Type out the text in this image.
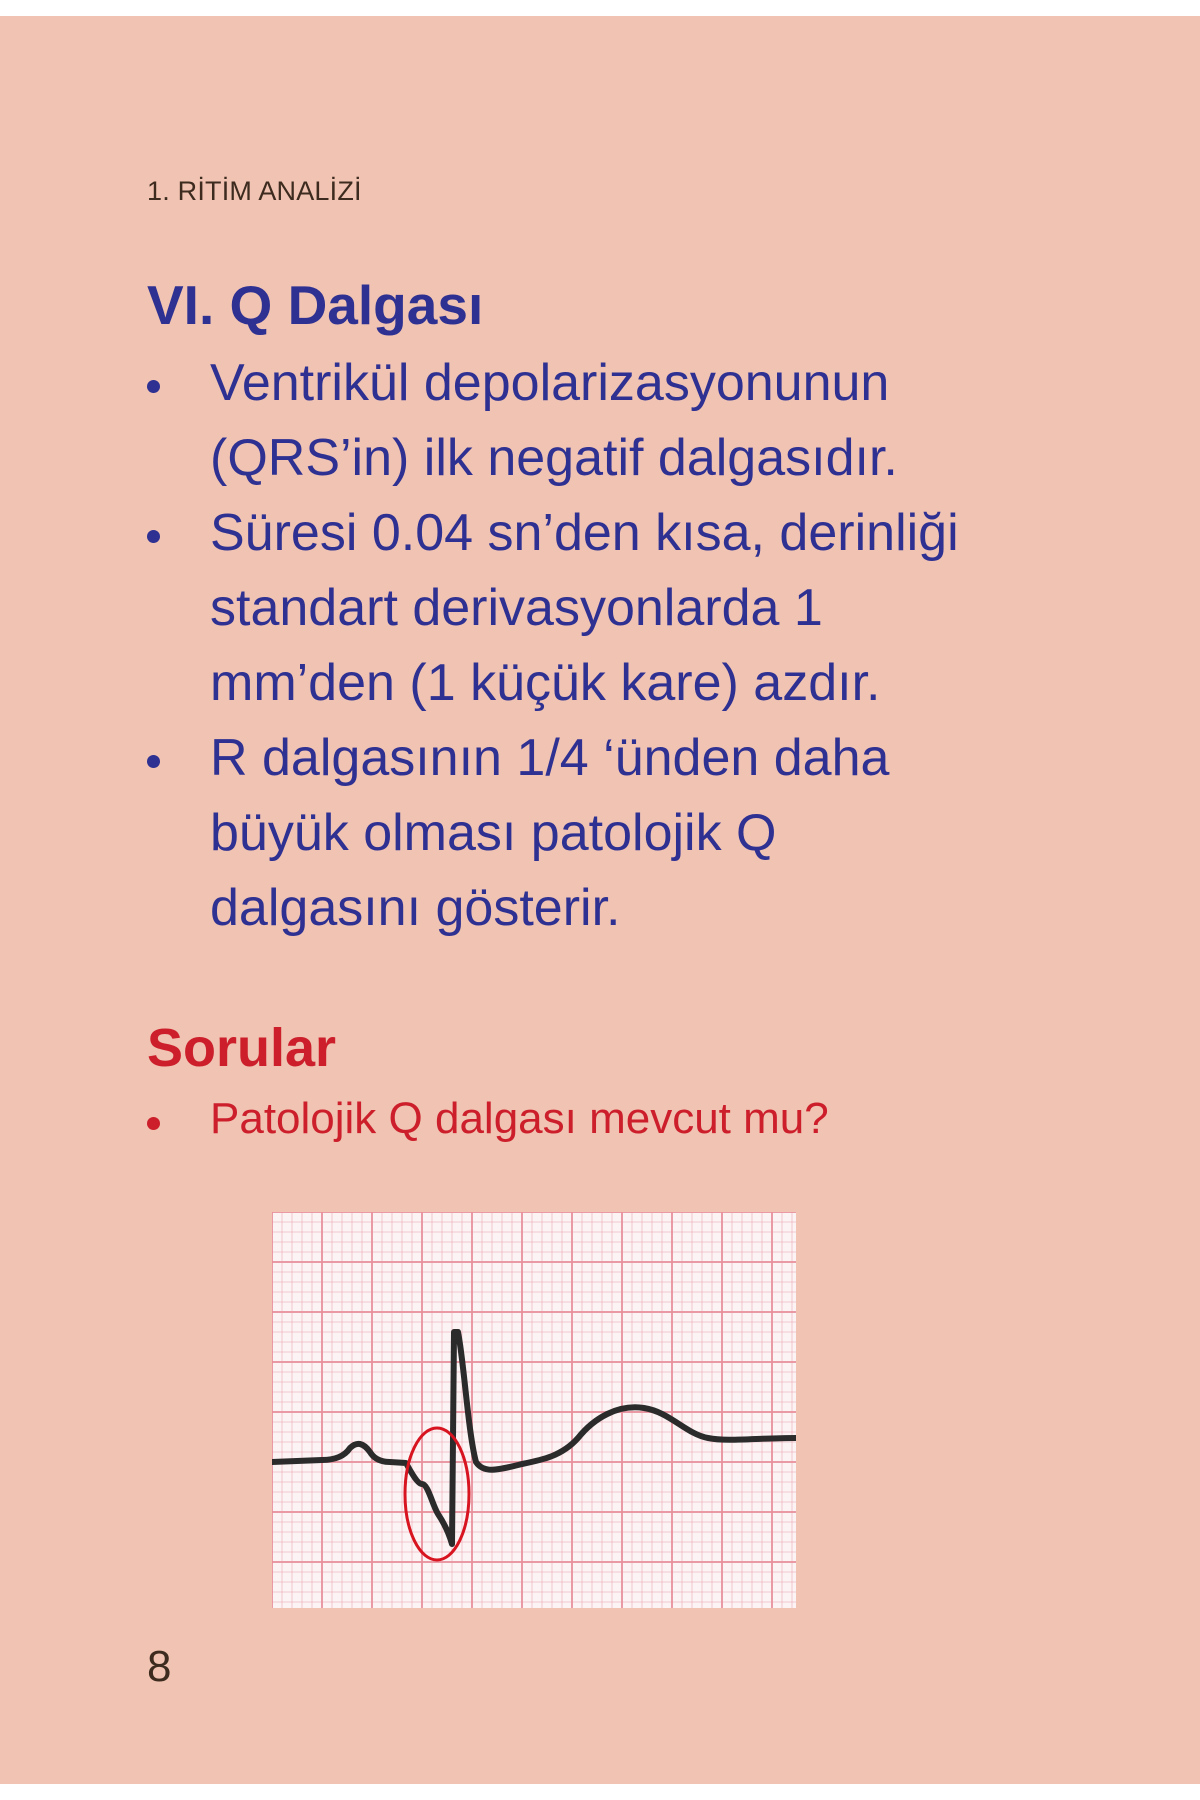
1. RİTİM ANALİZİ
VI. Q Dalgası
Ventrikül depolarizasyonunun
(QRS’in) ilk negatif dalgasıdır.
Süresi 0.04 sn’den kısa, derinliği
standart derivasyonlarda 1
mm’den (1 küçük kare) azdır.
R dalgasının 1/4 ‘ünden daha
büyük olması patolojik Q
dalgasını gösterir.
Sorular
Patolojik Q dalgası mevcut mu?
8
